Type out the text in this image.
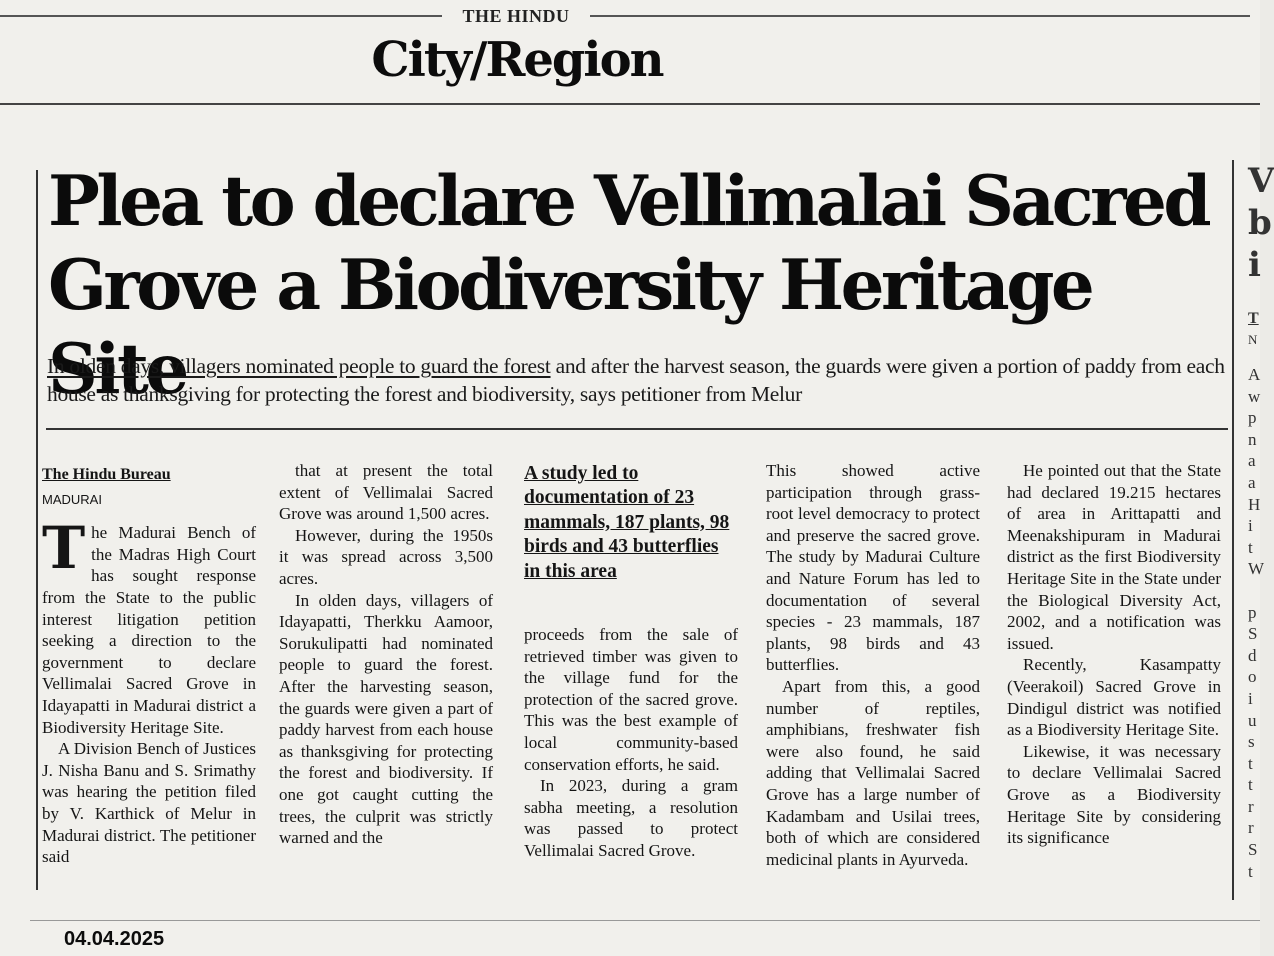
THE HINDU
City/Region
Plea to declare Vellimalai Sacred
Grove a Biodiversity Heritage Site
In olden days, villagers nominated people to guard the forest and after the harvest season, the guards were given a portion of paddy from each house as thanksgiving for protecting the forest and biodiversity, says petitioner from Melur
The Hindu Bureau
MADURAI

The Madurai Bench of the Madras High Court has sought response from the State to the public interest litigation petition seeking a direction to the government to declare Vellimalai Sacred Grove in Idayapatti in Madurai district a Biodiversity Heritage Site.

A Division Bench of Justices J. Nisha Banu and S. Srimathy was hearing the petition filed by V. Karthick of Melur in Madurai district. The petitioner said

that at present the total extent of Vellimalai Sacred Grove was around 1,500 acres.

However, during the 1950s it was spread across 3,500 acres.

In olden days, villagers of Idayapatti, Therkku Aamoor, Sorukulipatti had nominated people to guard the forest. After the harvesting season, the guards were given a part of paddy harvest from each house as thanksgiving for protecting the forest and biodiversity. If one got caught cutting the trees, the culprit was strictly warned and the

A study led to documentation of 23 mammals, 187 plants, 98 birds and 43 butterflies in this area

proceeds from the sale of retrieved timber was given to the village fund for the protection of the sacred grove. This was the best example of local community-based conservation efforts, he said.

In 2023, during a gram sabha meeting, a resolution was passed to protect Vellimalai Sacred Grove.

This showed active participation through grass-root level democracy to protect and preserve the sacred grove. The study by Madurai Culture and Nature Forum has led to documentation of several species - 23 mammals, 187 plants, 98 birds and 43 butterflies.

Apart from this, a good number of reptiles, amphibians, freshwater fish were also found, he said adding that Vellimalai Sacred Grove has a large number of Kadambam and Usilai trees, both of which are considered medicinal plants in Ayurveda.

He pointed out that the State had declared 19.215 hectares of area in Arittapatti and Meenakshipuram in Madurai district as the first Biodiversity Heritage Site in the State under the Biological Diversity Act, 2002, and a notification was issued.

Recently, Kasampatty (Veerakoil) Sacred Grove in Dindigul district was notified as a Biodiversity Heritage Site.

Likewise, it was necessary to declare Vellimalai Sacred Grove as a Biodiversity Heritage Site by considering its significance

V
b
i
T
N
A
w
p
n
a
a
H
i
t
W

p
S
d
o
i
u
s
t
t
r
r
S
t
04.04.2025
